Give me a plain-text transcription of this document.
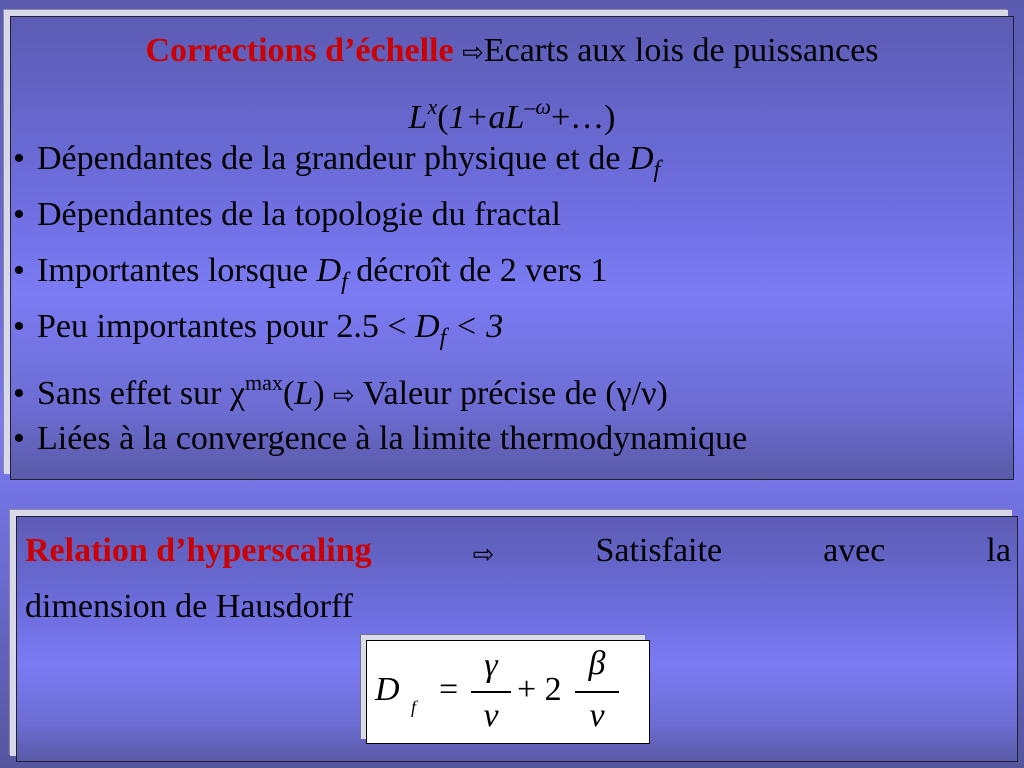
Corrections d’échelle ⇨Ecarts aux lois de puissances
$L^x(1+aL^{-\omega}+\dots)$
• Dépendantes de la grandeur physique et de $D_f$
• Dépendantes de la topologie du fractal
• Importantes lorsque $D_f$ décroît de 2 vers 1
• Peu importantes pour $2.5 < D_f < 3$
• Sans effet sur $\chi^{max}(L)$ ⇨ Valeur précise de (γ/ν)
• Liées à la convergence à la limite thermodynamique
Relation d’hyperscaling	⇨	Satisfaite	avec	la
dimension de Hausdorff
D f =
γ
ν
+ 2
β
ν
